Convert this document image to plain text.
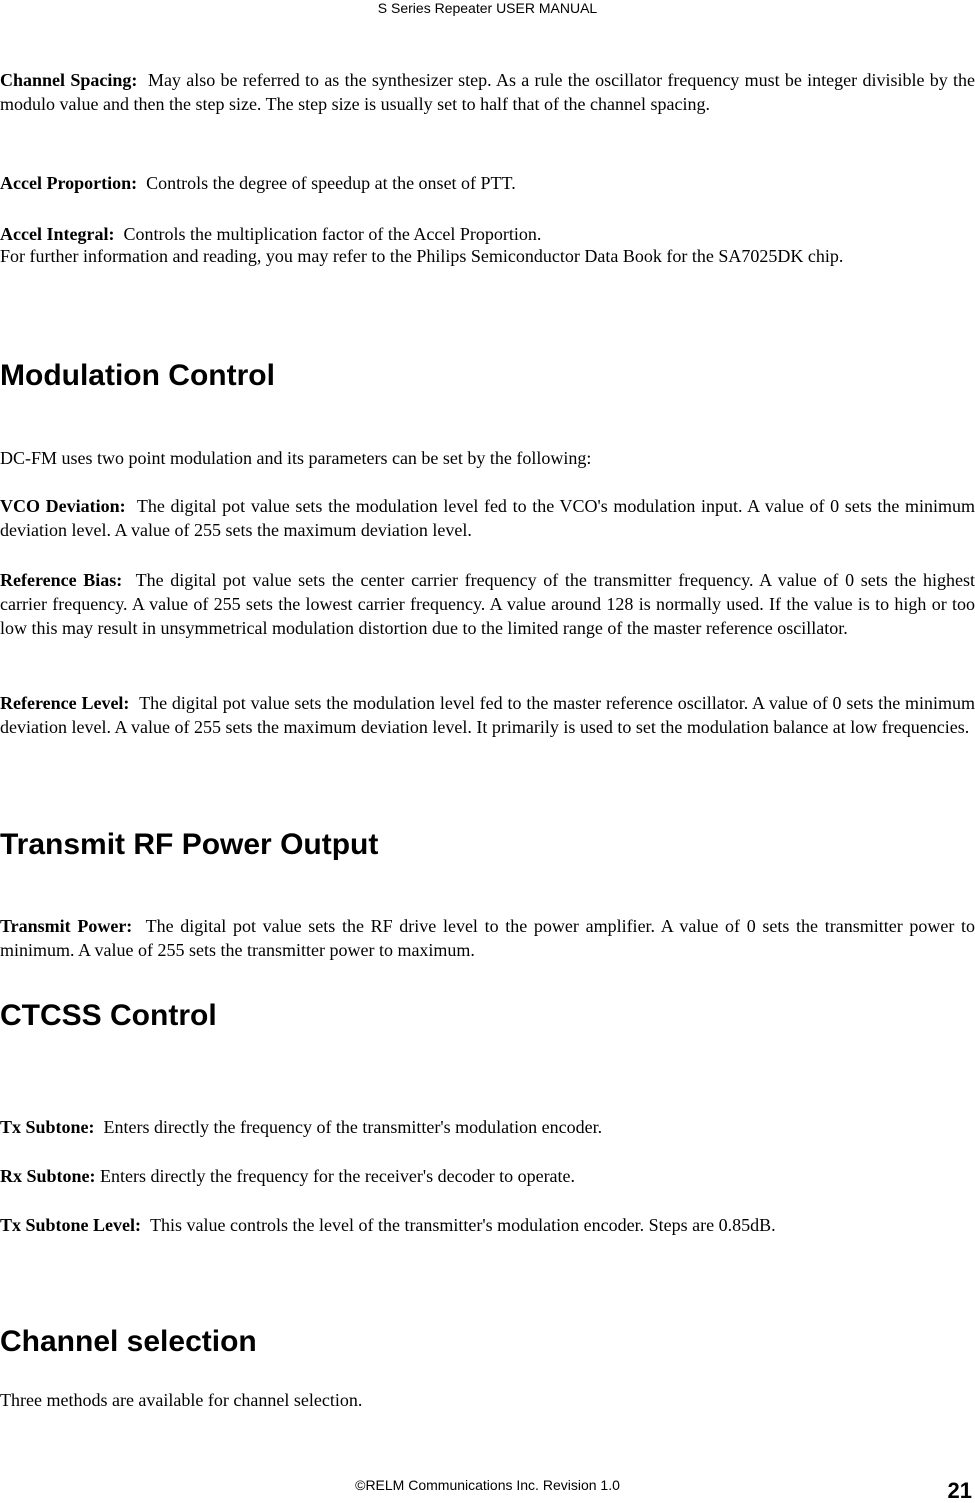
S Series Repeater USER MANUAL

Channel Spacing: May also be referred to as the synthesizer step. As a rule the oscillator frequency must be integer divisible by the modulo value and then the step size. The step size is usually set to half that of the channel spacing.

Accel Proportion: Controls the degree of speedup at the onset of PTT.

Accel Integral: Controls the multiplication factor of the Accel Proportion.

For further information and reading, you may refer to the Philips Semiconductor Data Book for the SA7025DK chip.

Modulation Control

DC-FM uses two point modulation and its parameters can be set by the following:

VCO Deviation: The digital pot value sets the modulation level fed to the VCO's modulation input. A value of 0 sets the minimum deviation level. A value of 255 sets the maximum deviation level.

Reference Bias: The digital pot value sets the center carrier frequency of the transmitter frequency. A value of 0 sets the highest carrier frequency. A value of 255 sets the lowest carrier frequency. A value around 128 is normally used. If the value is to high or too low this may result in unsymmetrical modulation distortion due to the limited range of the master reference oscillator.

Reference Level: The digital pot value sets the modulation level fed to the master reference oscillator. A value of 0 sets the minimum deviation level. A value of 255 sets the maximum deviation level. It primarily is used to set the modulation balance at low frequencies.

Transmit RF Power Output

Transmit Power: The digital pot value sets the RF drive level to the power amplifier. A value of 0 sets the transmitter power to minimum. A value of 255 sets the transmitter power to maximum.

CTCSS Control

Tx Subtone: Enters directly the frequency of the transmitter's modulation encoder.

Rx Subtone: Enters directly the frequency for the receiver's decoder to operate.

Tx Subtone Level: This value controls the level of the transmitter's modulation encoder. Steps are 0.85dB.

Channel selection

Three methods are available for channel selection.

©RELM Communications Inc. Revision 1.0	21
